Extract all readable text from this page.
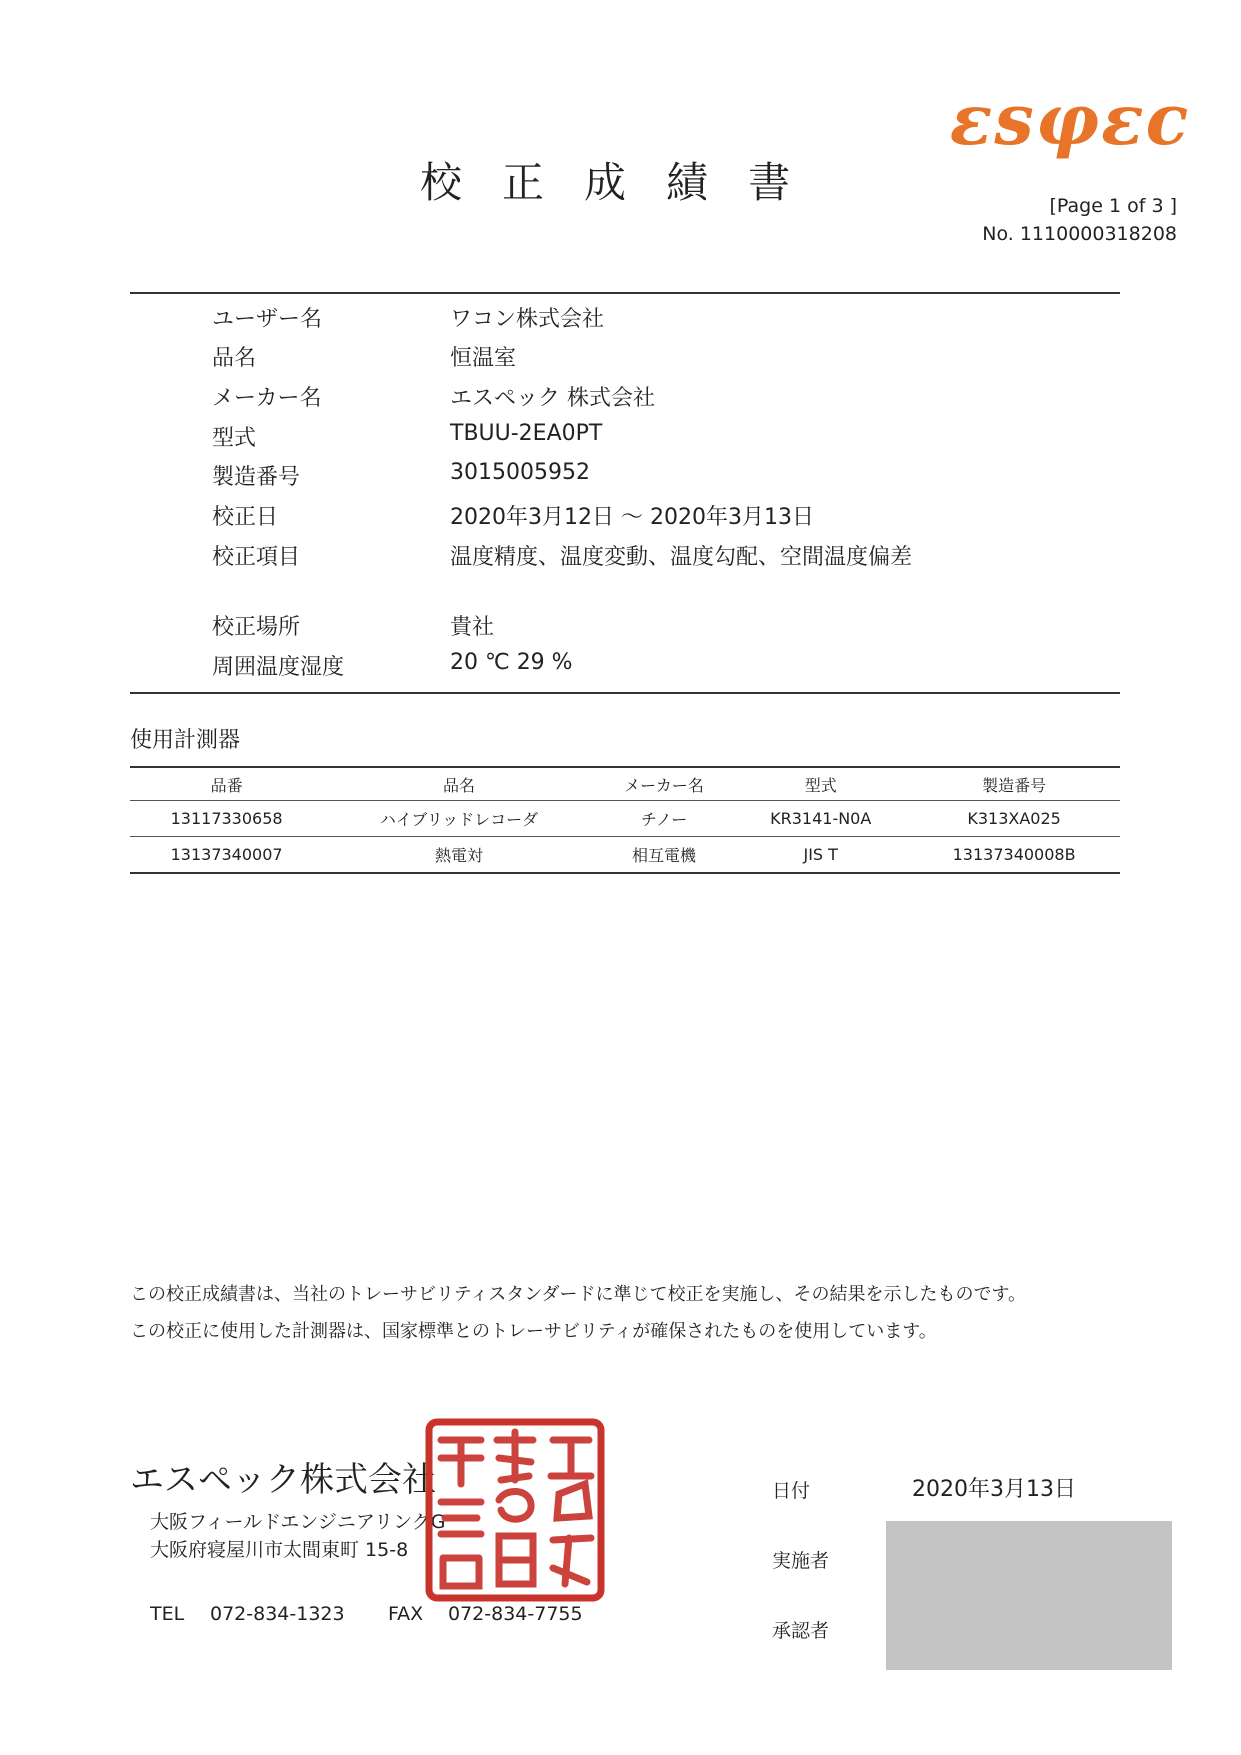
εsφεc
校 正 成 績 書	[Page 1 of 3 ]
No. 1110000318208
ユーザー名	ワコン株式会社
品名	恒温室
メーカー名	エスペック 株式会社
型式	TBUU-2EA0PT
製造番号	3015005952
校正日	2020年3月12日 ～ 2020年3月13日
校正項目	温度精度、温度変動、温度勾配、空間温度偏差
校正場所	貴社
周囲温度湿度	20 ℃ 29 %
使用計測器
品番	品名	メーカー名	型式	製造番号
13117330658	ハイブリッドレコーダ	チノー	KR3141-N0A	K313XA025
13137340007	熱電対	相互電機	JIS T	13137340008B
この校正成績書は、当社のトレーサビリティスタンダードに準じて校正を実施し、その結果を示したものです。
この校正に使用した計測器は、国家標準とのトレーサビリティが確保されたものを使用しています。
エスペック株式会社
大阪フィールドエンジニアリングG
大阪府寝屋川市太間東町 15-8
TEL 072-834-1323 FAX 072-834-7755
日付	2020年3月13日
実施者
承認者
